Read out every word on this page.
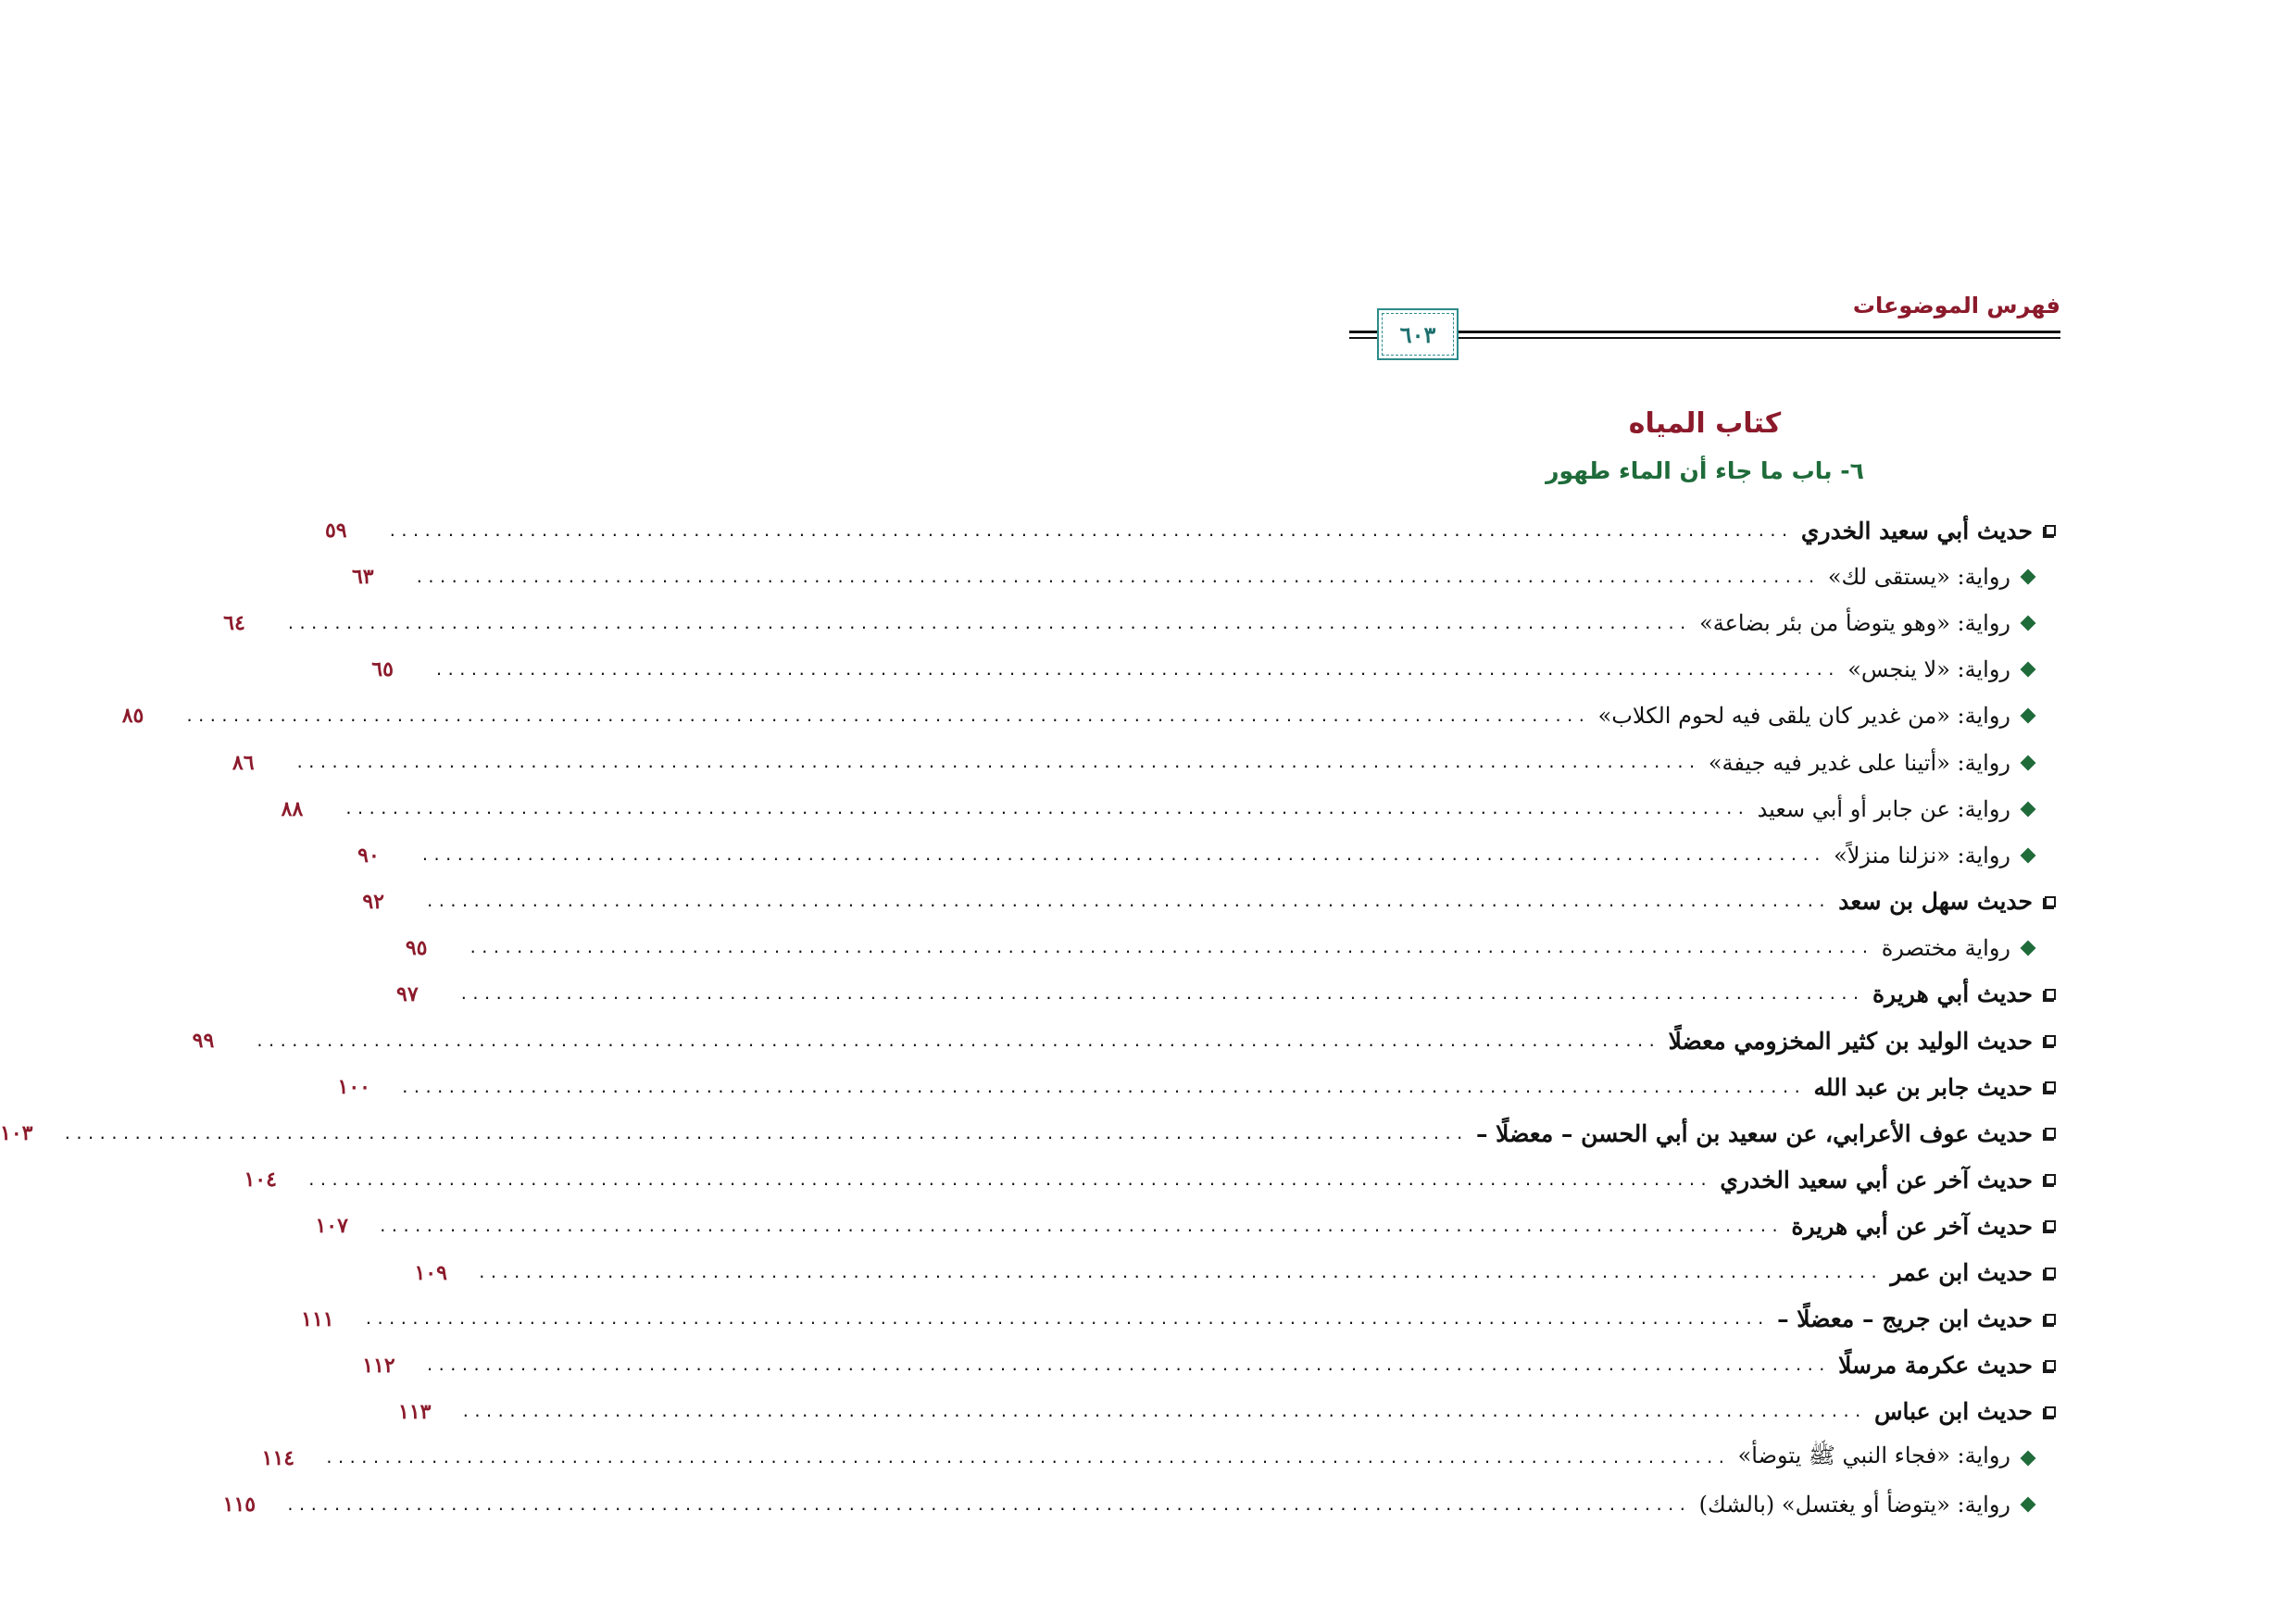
فهرس الموضوعات
٦٠٣
كتاب المياه
٦- باب ما جاء أن الماء طهور
حديث أبي سعيد الخدري
........................................................................................................................
٥٩
رواية: «يستقى لك»
........................................................................................................................
٦٣
رواية: «وهو يتوضأ من بئر بضاعة»
........................................................................................................................
٦٤
رواية: «لا ينجس»
........................................................................................................................
٦٥
رواية: «من غدير كان يلقى فيه لحوم الكلاب»
........................................................................................................................
٨٥
رواية: «أتينا على غدير فيه جيفة»
........................................................................................................................
٨٦
رواية: عن جابر أو أبي سعيد
........................................................................................................................
٨٨
رواية: «نزلنا منزلاً»
........................................................................................................................
٩٠
حديث سهل بن سعد
........................................................................................................................
٩٢
رواية مختصرة
........................................................................................................................
٩٥
حديث أبي هريرة
........................................................................................................................
٩٧
حديث الوليد بن كثير المخزومي معضلًا
........................................................................................................................
٩٩
حديث جابر بن عبد الله
........................................................................................................................
١٠٠
حديث عوف الأعرابي، عن سعيد بن أبي الحسن – معضلًا –
........................................................................................................................
١٠٣
حديث آخر عن أبي سعيد الخدري
........................................................................................................................
١٠٤
حديث آخر عن أبي هريرة
........................................................................................................................
١٠٧
حديث ابن عمر
........................................................................................................................
١٠٩
حديث ابن جريج – معضلًا –
........................................................................................................................
١١١
حديث عكرمة مرسلًا
........................................................................................................................
١١٢
حديث ابن عباس
........................................................................................................................
١١٣
رواية: «فجاء النبي ﷺ يتوضأ»
........................................................................................................................
١١٤
رواية: «يتوضأ أو يغتسل» (بالشك)
........................................................................................................................
١١٥
